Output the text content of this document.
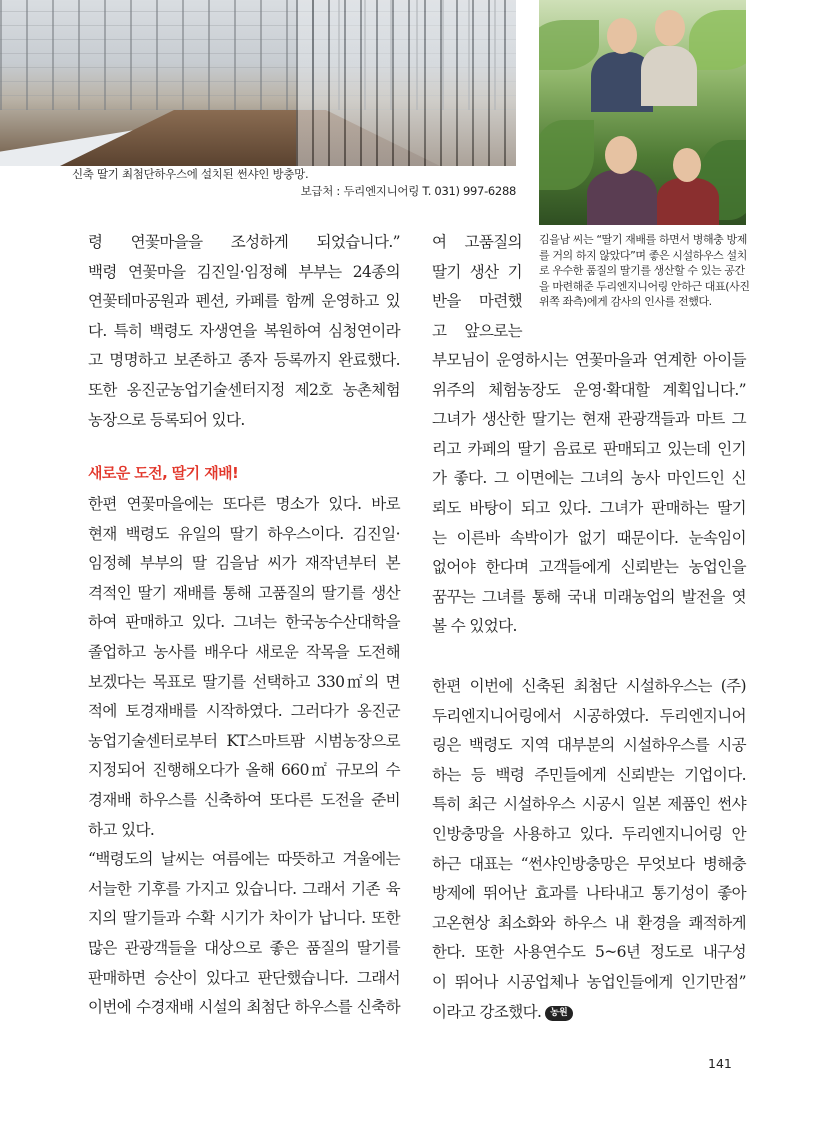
신축 딸기 최첨단하우스에 설치된 썬샤인 방충망.
보급처 : 두리엔지니어링 T. 031) 997-6288
김을남 씨는 “딸기 재배를 하면서 병해충 방제를 거의 하지 않았다”며 좋은 시설하우스 설치로 우수한 품질의 딸기를 생산할 수 있는 공간을 마련해준 두리엔지니어링 안하근 대표(사진 위쪽 좌측)에게 감사의 인사를 전했다.

령 연꽃마을을 조성하게 되었습니다.”

백령 연꽃마을 김진일·임정혜 부부는 24종의

연꽃테마공원과 펜션, 카페를 함께 운영하고 있

다. 특히 백령도 자생연을 복원하여 심청연이라

고 명명하고 보존하고 종자 등록까지 완료했다.

또한 옹진군농업기술센터지정 제2호 농촌체험

농장으로 등록되어 있다.

새로운 도전, 딸기 재배!

한편 연꽃마을에는 또다른 명소가 있다. 바로

현재 백령도 유일의 딸기 하우스이다. 김진일·

임정혜 부부의 딸 김을남 씨가 재작년부터 본

격적인 딸기 재배를 통해 고품질의 딸기를 생산

하여 판매하고 있다. 그녀는 한국농수산대학을

졸업하고 농사를 배우다 새로운 작목을 도전해

보겠다는 목표로 딸기를 선택하고 330㎡의 면

적에 토경재배를 시작하였다. 그러다가 옹진군

농업기술센터로부터 KT스마트팜 시범농장으로

지정되어 진행해오다가 올해 660㎡ 규모의 수

경재배 하우스를 신축하여 또다른 도전을 준비

하고 있다.

“백령도의 날씨는 여름에는 따뜻하고 겨울에는

서늘한 기후를 가지고 있습니다. 그래서 기존 육

지의 딸기들과 수확 시기가 차이가 납니다. 또한

많은 관광객들을 대상으로 좋은 품질의 딸기를

판매하면 승산이 있다고 판단했습니다. 그래서

이번에 수경재배 시설의 최첨단 하우스를 신축하

여 고품질의

딸기 생산 기

반을 마련했

고 앞으로는

부모님이 운영하시는 연꽃마을과 연계한 아이들

위주의 체험농장도 운영·확대할 계획입니다.”

그녀가 생산한 딸기는 현재 관광객들과 마트 그

리고 카페의 딸기 음료로 판매되고 있는데 인기

가 좋다. 그 이면에는 그녀의 농사 마인드인 신

뢰도 바탕이 되고 있다. 그녀가 판매하는 딸기

는 이른바 속박이가 없기 때문이다. 눈속임이

없어야 한다며 고객들에게 신뢰받는 농업인을

꿈꾸는 그녀를 통해 국내 미래농업의 발전을 엿

볼 수 있었다.

한편 이번에 신축된 최첨단 시설하우스는 (주)

두리엔지니어링에서 시공하였다. 두리엔지니어

링은 백령도 지역 대부분의 시설하우스를 시공

하는 등 백령 주민들에게 신뢰받는 기업이다.

특히 최근 시설하우스 시공시 일본 제품인 썬샤

인방충망을 사용하고 있다. 두리엔지니어링 안

하근 대표는 “썬샤인방충망은 무엇보다 병해충

방제에 뛰어난 효과를 나타내고 통기성이 좋아

고온현상 최소화와 하우스 내 환경을 쾌적하게

한다. 또한 사용연수도 5~6년 정도로 내구성

이 뛰어나 시공업체나 농업인들에게 인기만점”

이라고 강조했다. 농원

141
